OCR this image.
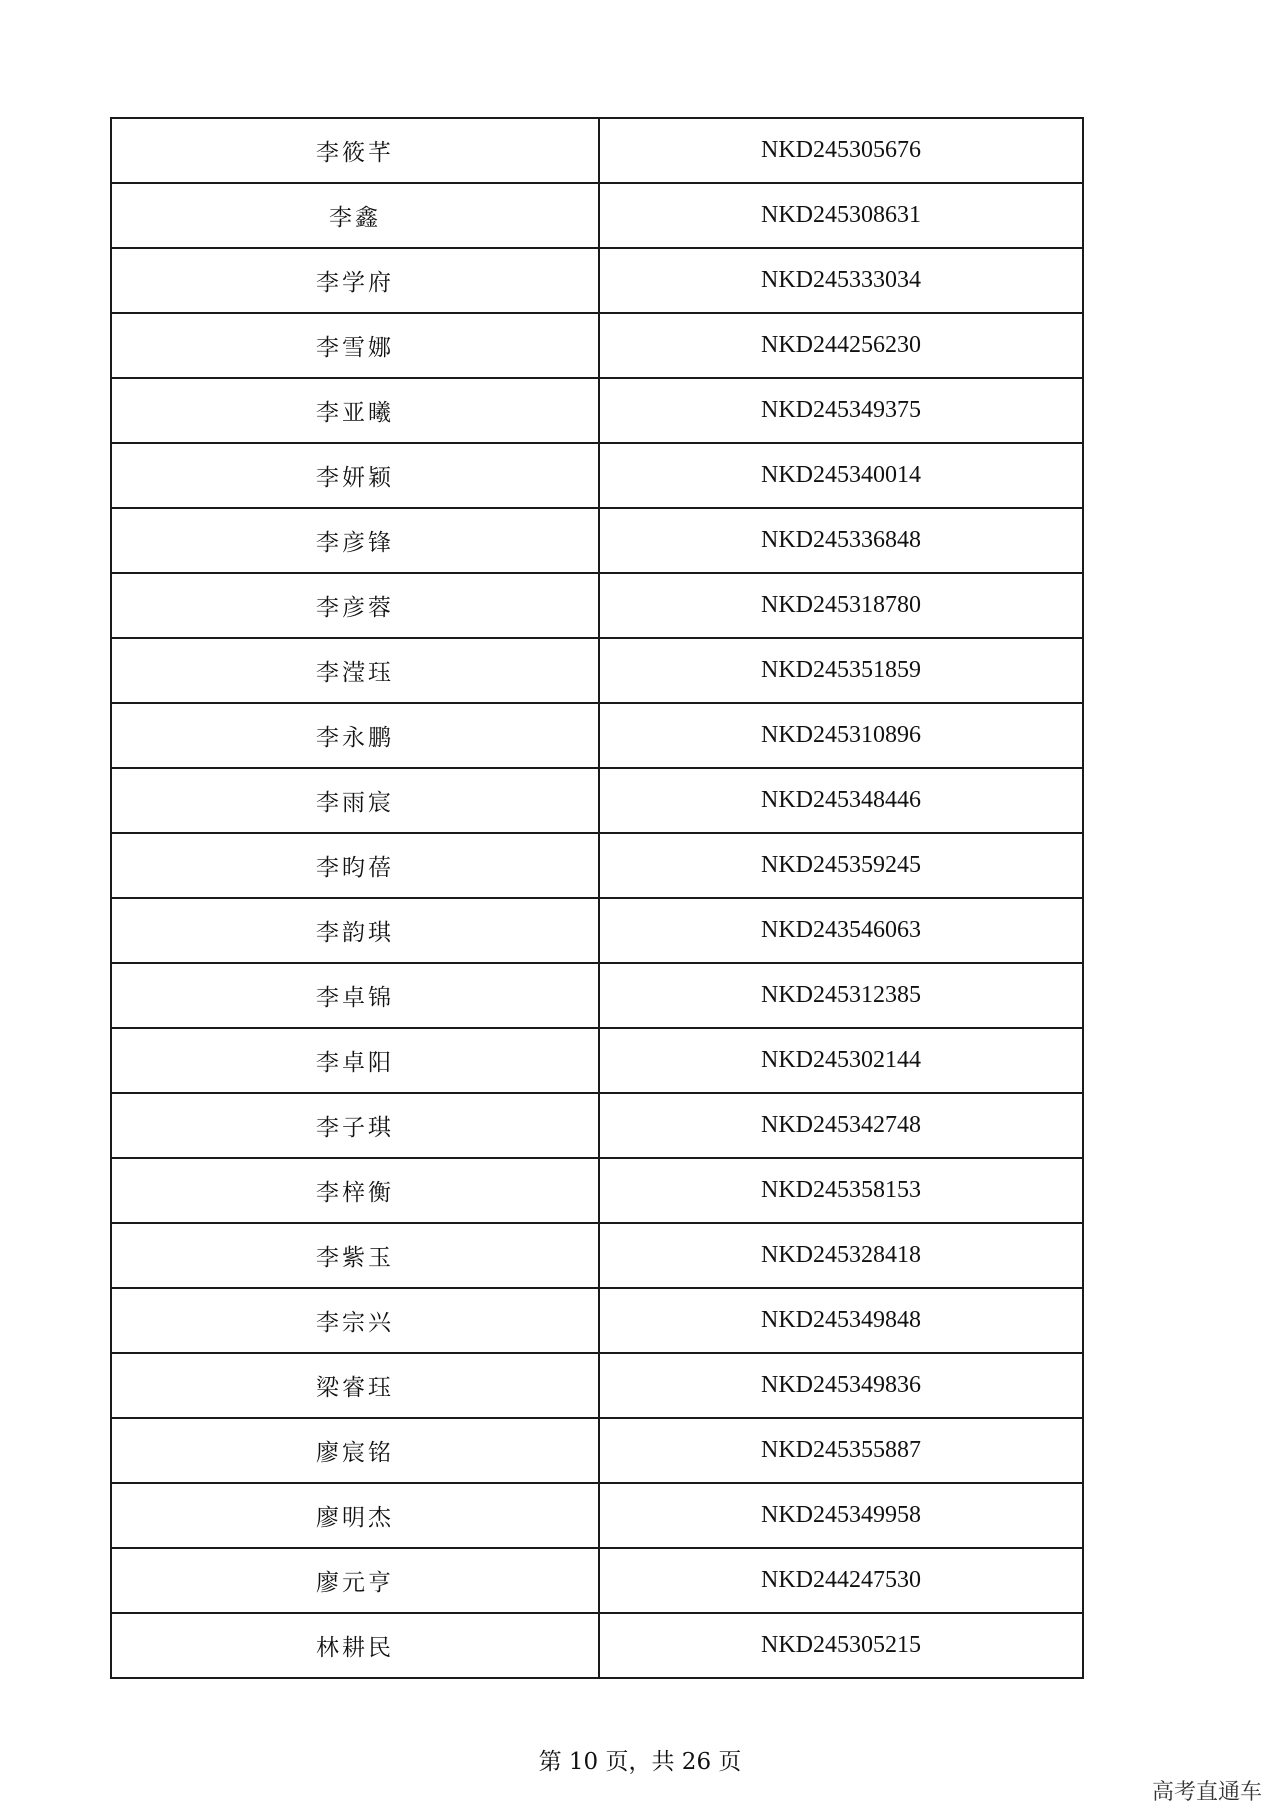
李筱芊	NKD245305676
李鑫	NKD245308631
李学府	NKD245333034
李雪娜	NKD244256230
李亚曦	NKD245349375
李妍颖	NKD245340014
李彦锋	NKD245336848
李彦蓉	NKD245318780
李滢珏	NKD245351859
李永鹏	NKD245310896
李雨宸	NKD245348446
李昀蓓	NKD245359245
李韵琪	NKD243546063
李卓锦	NKD245312385
李卓阳	NKD245302144
李子琪	NKD245342748
李梓衡	NKD245358153
李紫玉	NKD245328418
李宗兴	NKD245349848
梁睿珏	NKD245349836
廖宸铭	NKD245355887
廖明杰	NKD245349958
廖元亨	NKD244247530
林耕民	NKD245305215
第 10 页，共 26 页
高考直通车
